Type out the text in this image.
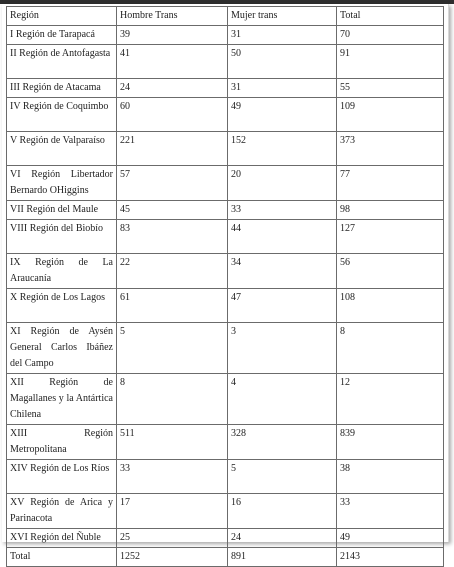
Región	Hombre Trans	Mujer trans	Total
I Región de Tarapacá	39	31	70
II Región de Antofagasta	41	50	91
III Región de Atacama	24	31	55
IV Región de Coquimbo	60	49	109
V Región de Valparaíso	221	152	373
VI Región Libertador Bernardo OHiggins	57	20	77
VII Región del Maule	45	33	98
VIII Región del Biobío	83	44	127
IX Región de La Araucanía	22	34	56
X Región de Los Lagos	61	47	108
XI Región de Aysén General Carlos Ibáñez del Campo	5	3	8
XII Región de Magallanes y la Antártica Chilena	8	4	12
XIII Región Metropolitana	511	328	839
XIV Región de Los Ríos	33	5	38
XV Región de Arica y Parinacota	17	16	33
XVI Región del Ñuble	25	24	49
Total	1252	891	2143
